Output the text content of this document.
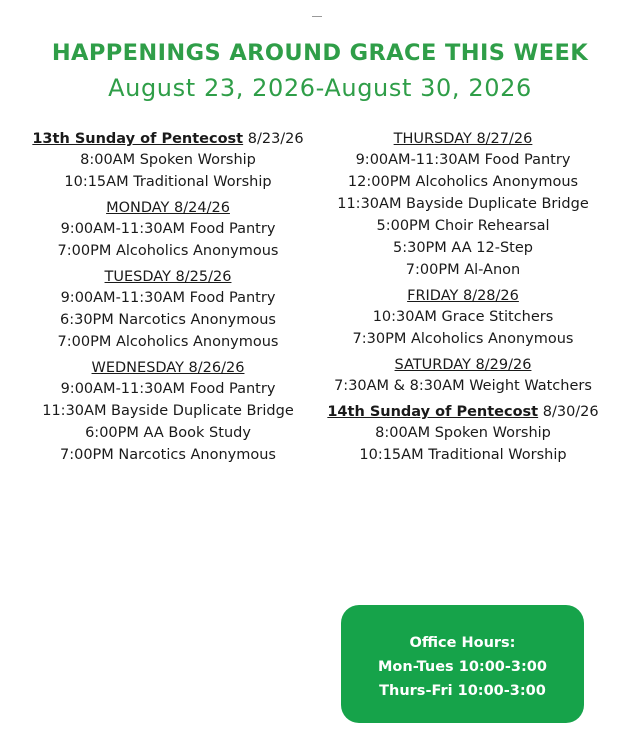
HAPPENINGS AROUND GRACE THIS WEEK
August 23, 2026-August 30, 2026
13th Sunday of Pentecost 8/23/26
8:00AM Spoken Worship
10:15AM Traditional Worship
MONDAY 8/24/26
9:00AM-11:30AM Food Pantry
7:00PM Alcoholics Anonymous
TUESDAY 8/25/26
9:00AM-11:30AM Food Pantry
6:30PM Narcotics Anonymous
7:00PM Alcoholics Anonymous
WEDNESDAY 8/26/26
9:00AM-11:30AM Food Pantry
11:30AM Bayside Duplicate Bridge
6:00PM AA Book Study
7:00PM Narcotics Anonymous
THURSDAY 8/27/26
9:00AM-11:30AM Food Pantry
12:00PM Alcoholics Anonymous
11:30AM Bayside Duplicate Bridge
5:00PM Choir Rehearsal
5:30PM AA 12-Step
7:00PM Al-Anon
FRIDAY 8/28/26
10:30AM Grace Stitchers
7:30PM Alcoholics Anonymous
SATURDAY 8/29/26
7:30AM & 8:30AM Weight Watchers
14th Sunday of Pentecost 8/30/26
8:00AM Spoken Worship
10:15AM Traditional Worship
Office Hours:
Mon-Tues 10:00-3:00
Thurs-Fri 10:00-3:00
